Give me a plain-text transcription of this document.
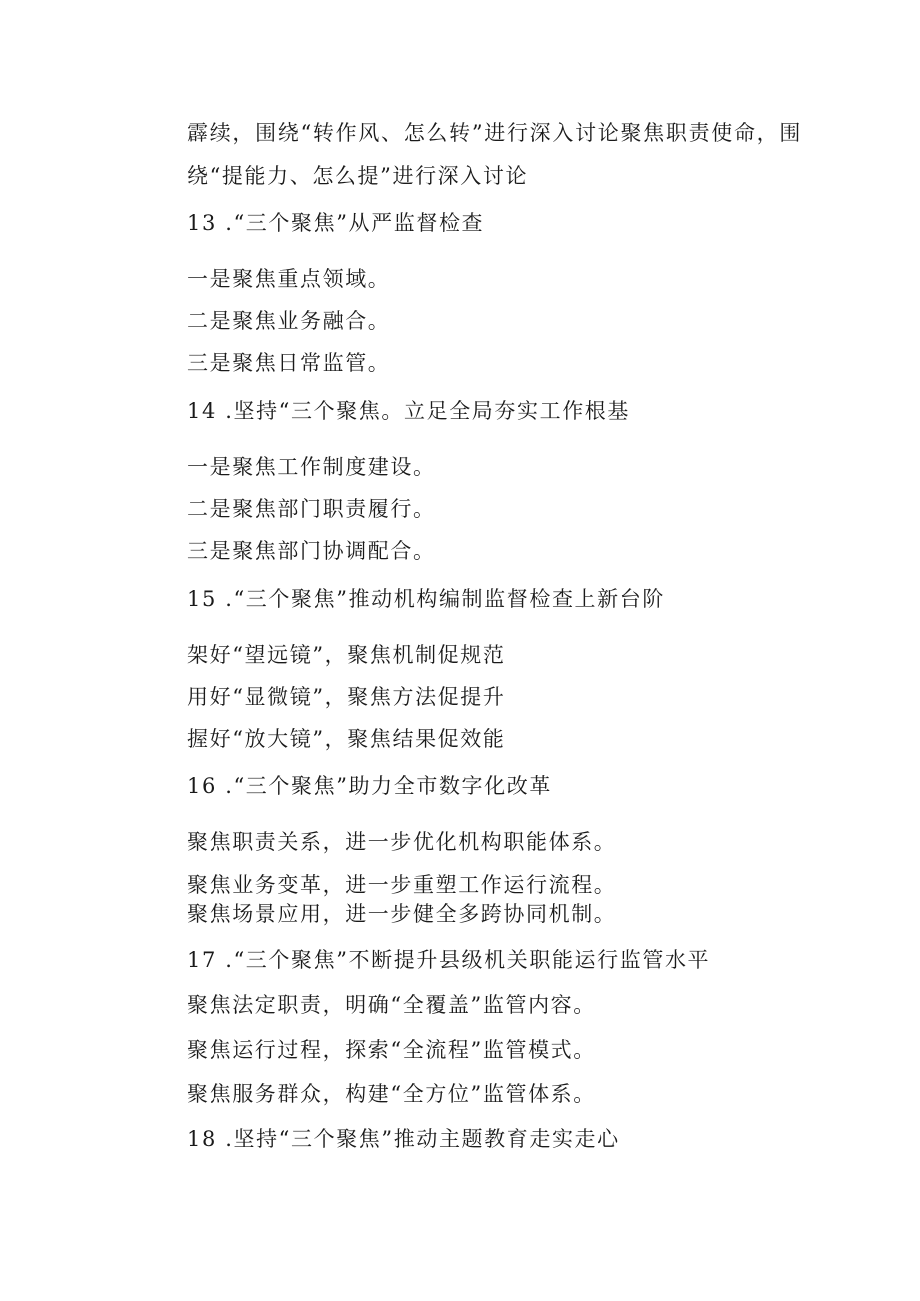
霹续，围绕“转作风、怎么转”进行深入讨论聚焦职责使命，围
绕“提能力、怎么提”进行深入讨论
13 .“三个聚焦”从严监督检查
一是聚焦重点领域。
二是聚焦业务融合。
三是聚焦日常监管。
14 .坚持“三个聚焦。立足全局夯实工作根基
一是聚焦工作制度建设。
二是聚焦部门职责履行。
三是聚焦部门协调配合。
15 .“三个聚焦”推动机构编制监督检查上新台阶
架好“望远镜”，聚焦机制促规范
用好“显微镜”，聚焦方法促提升
握好“放大镜”，聚焦结果促效能
16 .“三个聚焦”助力全市数字化改革
聚焦职责关系，进一步优化机构职能体系。
聚焦业务变革，进一步重塑工作运行流程。
聚焦场景应用，进一步健全多跨协同机制。
17 .“三个聚焦”不断提升县级机关职能运行监管水平
聚焦法定职责，明确“全覆盖”监管内容。
聚焦运行过程，探索“全流程”监管模式。
聚焦服务群众，构建“全方位”监管体系。
18 .坚持“三个聚焦”推动主题教育走实走心
